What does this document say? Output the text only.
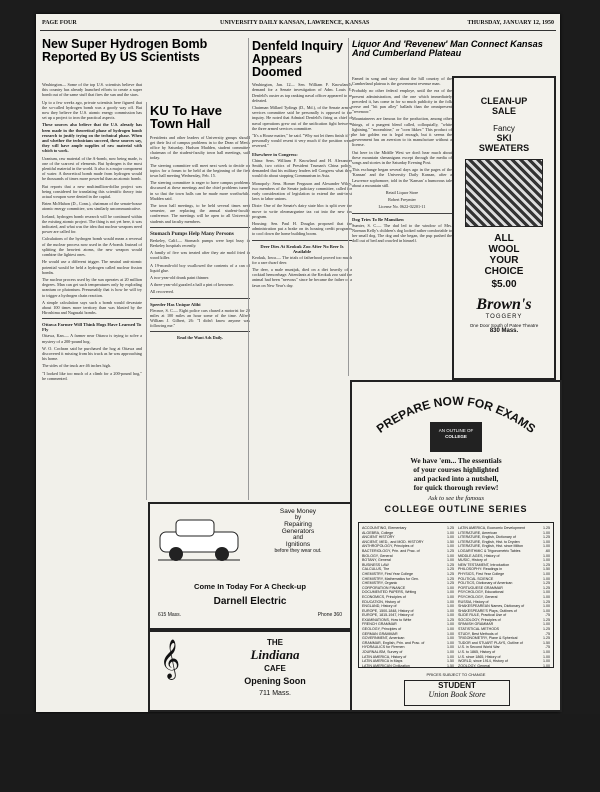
PAGE FOUR	UNIVERSITY DAILY KANSAN, LAWRENCE, KANSAS	THURSDAY, JANUARY 12, 1950
New Super Hydrogen Bomb Reported By US Scientists

Washington— Some of the top U.S. scientists believe that this country has already launched efforts to create a super bomb out of the same stuff that fires the sun and the stars.

Up to a few weeks ago, private scientists here figured that the so-called hydrogen bomb was a goody way off. But now they believe the U.S. atomic energy commission has set up a project to iron the practical aspects.

These sources also believe that the U.S. already has been made in the theoretical phase of hydrogen bomb research to justify trying on the technical phase. When and whether the technicians succeed, these sources say, they will have ample supplies of raw material with which to work.

Uranium, raw material of the A-bomb, now being made, is one of the scarcest of elements. But hydrogen is the most plentiful material in the world. It also is a major component of water. A theoretical bomb made from hydrogen would be thousands of times more powerful than an atomic bomb.

But reports that a new multimillion-dollar project was being considered for translating this scientific theory into actual weapon were denied in the capital.

Brien McMahon (D., Conn.), chairman of the senate-house atomic energy committee, was similarly uncommunicative.

Iceland, hydrogen bomb research will be continued within the existing atomic project. The thing is not yet here, it was indicated, and what was the idea that nuclear weapons need power are called for.

Calculations of the hydrogen bomb would mean a reversal of the nuclear process now used in the A-bomb. Instead of splitting the heaviest atoms, the new weapon would combine the lightest ones.

He would use a different trigger. The neutral anti-atomic potential would be held a hydrogen called nuclear fission bombs.

The nuclear process used by the sun operates at 20 million degrees. Man can get such temperatures only by exploding uranium or plutonium. Presumably that is how he will try to trigger a hydrogen chain reaction.

A simple calculation says such a bomb would devastate about 100 times more territory than was blasted by the Hiroshima and Nagasaki bombs.

Ottawa Farmer Will Think Hogs Have Learned To Fly

Ottawa, Kan.— A farmer near Ottawa is trying to solve a mystery of a 200-pound hog.

W. O. Cochran said he purchased the hog at Ottawa and discovered it missing from his truck as he was approaching his home.

The sides of the truck are 46 inches high.

"I looked like too much of a climb for a 200-pound hog," he commented.

KU To Have Town Hall

Presidents and other leaders of University groups should get their list of campus problems in to the Dean of Men's office by Saturday. Hudson Madden, student committee chairman of the student-faculty town hall meetings, said today.

The steering committee will meet next week to decide on topics for a forum to be held at the beginning of the first town hall meeting Wednesday, Feb. 15.

The steering committee is eager to have campus problems discussed at these meetings and the chief problems turned in so that the town halls can be made more worthwhile. Madden said.

The town hall meetings, to be held several times next semester, are replacing the annual student-faculty conference. The meetings will be open to all University students and faculty members.

Stomach Pumps Help Many Persons

Berkeley, Calif.— Stomach pumps were kept busy in Berkeley hospitals recently.

A family of five was treated after they ate mold fried in wood killer.

A 19-month-old boy swallowed the contents of a can of liquid glue.

A two-year-old drank paint thinner.

A three-year-old guzzled a half a pint of kerosene.

All recovered.

Speeder Has Unique Alibi

Flecnoe, S. C.— Eight police cars chased a motorist for 20 miles at 100 miles an hour some of the time. Alfred William J. Gilbert, 26: "I didn't know anyone was following me."

Read the Want Ads Daily.

Denfeld Inquiry Appears Doomed

Washington, Jan. 12— Sen. William F. Knowland's demand for a Senate investigation of Adm. Louis E. Denfeld's ouster as top ranking naval officer appeared to be defeated.

Chairman Millard Tydings (D., Md.), of the Senate armed services committee said he personally is opposed to the inquiry. He noted that Admiral Denfeld's firing as chief of naval operations grew out of the unification fight between the three armed services committee.

"It's a House matter," he said. "Why not let them finish it? I personally would resent it very much if the position were reversed."

Elsewhere in Congress:

China: Sens. William F. Knowland and H. Alexander Smith, two critics of President Truman's China policy, demanded that his military leaders tell Congress what they would do about stopping Communism in Asia.

Monopoly: Sens. Homer Ferguson and Alexander Wiley, two members of the Senate judiciary committee, called for early consideration of legislation to extend the anti-trust laws to labor unions.

Dixie: One of the Senate's dairy state bloc is split over the move to write oleomargarine tax cut into the new tax program.

Housing: Sen. Paul H. Douglas proposed that the administration put a brake on its housing credit programs to cool down the home building boom.

Deer Dies At Keokuk Zoo After No Beer Is Available

Keokuk, Iowa.— The trials of fatherhood proved too much for a rare dwarf deer.

The deer, a male muntjak, died on a diet heavily of a cocktail hemorrhage. Attendants at the Keokuk zoo said the animal had been "nervous" since he became the father of a fawn on New Year's day.

Liquor And 'Revenew' Man Connect Kansas And Cumberland Plateau

Famed in song and story about the hill country of the Cumberland plateau is the government revenue man.

Probably no other federal employe, until the era of the present administration, and the one which immediately preceded it, has come in for so much publicity in the folk verse and "hit pan alley" ballads than the omnipresent "revenoor."

Mountaineers are famous for the production, among other things, of a pungent blend called, colloquially, "white lightning," "moonshine," or "corn likker." This product of the fair golden ear is legal enough, but it seems the government has an aversion to its manufacture without a license.

Out here in the Middle West we don't hear much about these mountain shenanigans except through the media of songs and stories in the Saturday Evening Post.

This exchange began several days ago in the pages of the 'Kansan' and the University Daily Kansan, after a Lawrence sophomore, told in the 'Kansan' a humorous tale about a mountain still.

Retail Liquor Store

Robert Freymier

License No. 0622-02201-11

Dog Tries To Be Mansiken

Sumter, S. C.— The dad led to the window of Mrs. Norman Kelly's children's dog looked rather comfortable to her small dog. The dog and she began, the pup pushed the doll out of bed and crawled in himself.

CLEAN-UP
SALE
Fancy
SKI
SWEATERS
ALL
WOOL
YOUR
CHOICE
$5.00
Brown's
TOGGERY
One Door South of Patee Theatre
830 Mass.
Save Money
by
Repairing
Generators
and
Ignitions
before they wear out.
Come In Today For A Check-up
Darnell Electric
615 Mass.	Phone 360
𝄞	THE
Lindiana
CAFE
Opening Soon
711 Mass.
PREPARE NOW FOR EXAMS
AN OUTLINE OF
COLLEGE
We have 'em... The essentials
of your courses highlighted
and packed into a nutshell,
for quick thorough review!
Ask to see the famous
COLLEGE OUTLINE SERIES
ACCOUNTING, Elementary	1.25
ALGEBRA, College	1.00
ANCIENT HISTORY	1.00
ANCIENT, MED., and MOD. HISTORY	1.50
ANTHROPOLOGY, Principles of	1.00
BACTERIOLOGY, Prin. and Prac. of	1.25
BIOLOGY, General	1.00
BOTANY, General	1.00
BUSINESS LAW	1.25
CALCULUS, The	1.25
CHEMISTRY, First Year College	1.25
CHEMISTRY, Mathematics for Gen.	1.25
CHEMISTRY, Organic	1.25
CORPORATION FINANCE	1.00
DOCUMENTED PAPERS, Writing	1.00
ECONOMICS, Principles of	1.00
EDUCATION, History of	1.00
ENGLAND, History of	1.00
EUROPE, 1500-1848, History of	1.00
EUROPE, 1815-1947, History of	1.00
EXAMINATIONS, How to Write	1.25
FRENCH GRAMMAR	1.00
GEOLOGY, Principles of	1.00
GERMAN GRAMMAR	1.00
GOVERNMENT, American	1.00
GRAMMAR, English, Prin. and Prac. of	1.00
HYDRAULICS for Firemen	1.00
JOURNALISM, Survey of	1.00
LATIN AMERICA, History of	1.00
LATIN AMERICA in Maps	1.50
LATIN AMERICAN Civilization	1.50
LATIN AMERICA, Economic Development	1.25
LITERATURE, American	1.00
LITERATURE, English, Dictionary of	1.25
LITERATURE, English, Hist. to Dryden	1.00
LITERATURE, English, Hist. since Milton	1.00
LOGARITHMIC & Trigonometric Tables	.60
MIDDLE AGES, History of	1.00
MUSIC, History of	1.00
NEW TESTAMENT, Introduction	1.25
PHILOSOPHY: Readings in	1.50
PHYSICS, First Year College	1.00
POLITICAL SCIENCE	1.00
POLITICS, Dictionary of American	1.25
PORTUGUESE GRAMMAR	1.25
PSYCHOLOGY, Educational	1.00
PSYCHOLOGY, General	1.00
RUSSIA, History of	1.25
SHAKESPEAREAN Names, Dictionary of	1.00
SHAKESPEARE'S Plays, Outlines of	1.00
SLIDE RULE, Practical Use of	.75
SOCIOLOGY, Principles of	1.25
SPANISH GRAMMAR	1.00
STATISTICAL METHODS	1.25
STUDY, Best Methods of	.75
TRIGONOMETRY, Plane & Spherical	1.25
TUDOR and STUART PLAYS, Outline of	1.50
U.S. in Second World War	.75
U.S. to 1865, History of	1.00
U.S. since 1865, History of	1.00
WORLD, since 1914, History of	1.00
ZOOLOGY, General	1.00
PRICES SUBJECT TO CHANGE
STUDENT
Union Book Store
